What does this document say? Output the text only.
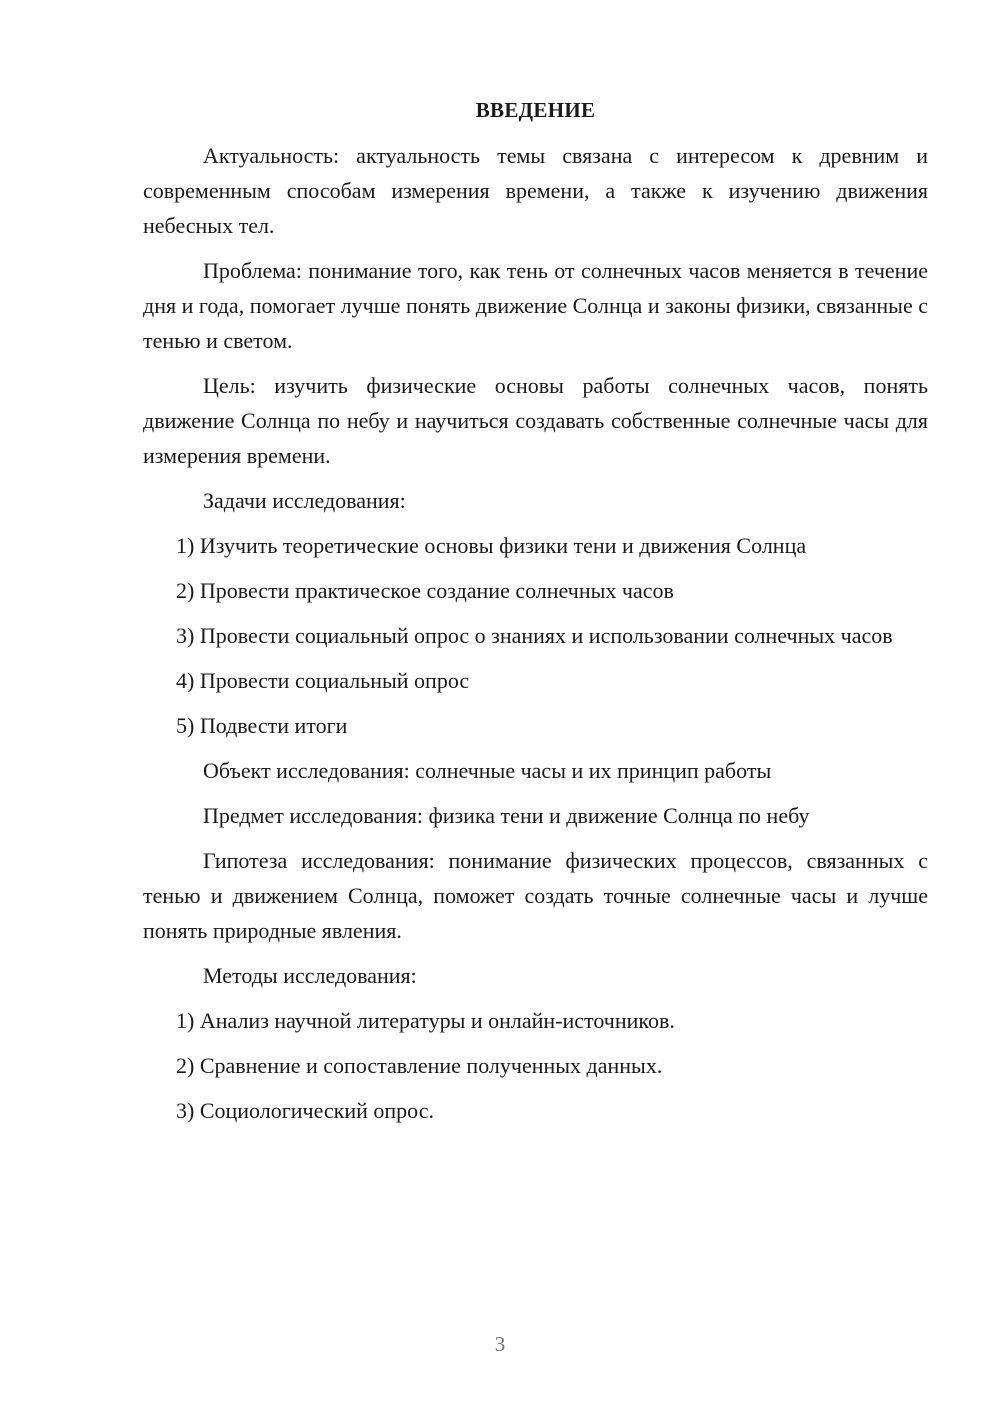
ВВЕДЕНИЕ

Актуальность: актуальность темы связана с интересом к древним и современным способам измерения времени, а также к изучению движения небесных тел.

Проблема: понимание того, как тень от солнечных часов меняется в течение дня и года, помогает лучше понять движение Солнца и законы физики, связанные с тенью и светом.

Цель: изучить физические основы работы солнечных часов, понять движение Солнца по небу и научиться создавать собственные солнечные часы для измерения времени.

Задачи исследования:

1) Изучить теоретические основы физики тени и движения Солнца

2) Провести практическое создание солнечных часов

3) Провести социальный опрос о знаниях и использовании солнечных часов

4) Провести социальный опрос

5) Подвести итоги

Объект исследования: солнечные часы и их принцип работы

Предмет исследования: физика тени и движение Солнца по небу

Гипотеза исследования: понимание физических процессов, связанных с тенью и движением Солнца, поможет создать точные солнечные часы и лучше понять природные явления.

Методы исследования:

1) Анализ научной литературы и онлайн-источников.

2) Сравнение и сопоставление полученных данных.

3) Социологический опрос.

3
